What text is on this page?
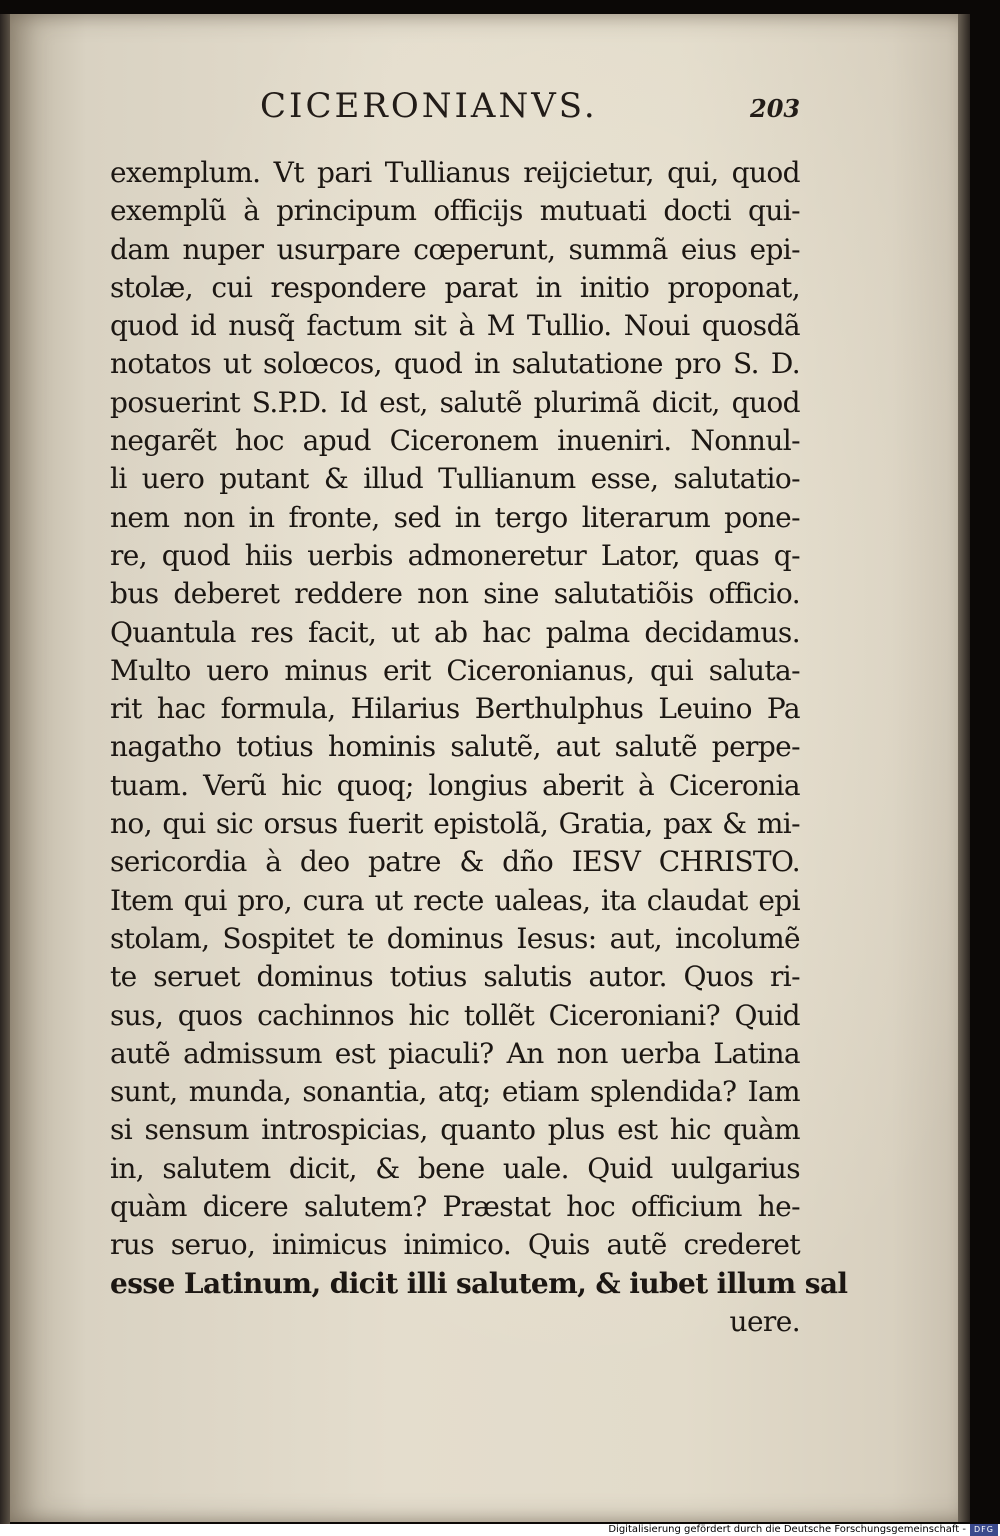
CICERONIANVS.	203
exemplum. Vt pari Tullianus reijcietur, qui, quod
exemplũ à principum officijs mutuati docti qui-
dam nuper usurpare cœperunt, summã eius epi-
stolæ, cui respondere parat in initio proponat,
quod id nusq̃ factum sit à M Tullio. Noui quosdã
notatos ut solœcos, quod in salutatione pro S. D.
posuerint S.P.D. Id est, salutẽ plurimã dicit, quod
negarẽt hoc apud Ciceronem inueniri. Nonnul-
li uero putant & illud Tullianum esse, salutatio-
nem non in fronte, sed in tergo literarum pone-
re, quod hiis uerbis admoneretur Lator, quas q-
bus deberet reddere non sine salutatiõis officio.
Quantula res facit, ut ab hac palma decidamus.
Multo uero minus erit Ciceronianus, qui saluta-
rit hac formula, Hilarius Berthulphus Leuino Pa
nagatho totius hominis salutẽ, aut salutẽ perpe-
tuam. Verũ hic quoq; longius aberit à Ciceronia
no, qui sic orsus fuerit epistolã, Gratia, pax & mi-
sericordia à deo patre & dño IESV CHRISTO.
Item qui pro, cura ut recte ualeas, ita claudat epi
stolam, Sospitet te dominus Iesus: aut, incolumẽ
te seruet dominus totius salutis autor. Quos ri-
sus, quos cachinnos hic tollẽt Ciceroniani? Quid
autẽ admissum est piaculi? An non uerba Latina
sunt, munda, sonantia, atq; etiam splendida? Iam
si sensum introspicias, quanto plus est hic quàm
in, salutem dicit, & bene uale. Quid uulgarius
quàm dicere salutem? Præstat hoc officium he-
rus seruo, inimicus inimico. Quis autẽ crederet
esse Latinum, dicit illi salutem, & iubet illum sal
uere.
Digitalisierung gefördert durch die Deutsche Forschungsgemeinschaft -	DFG
